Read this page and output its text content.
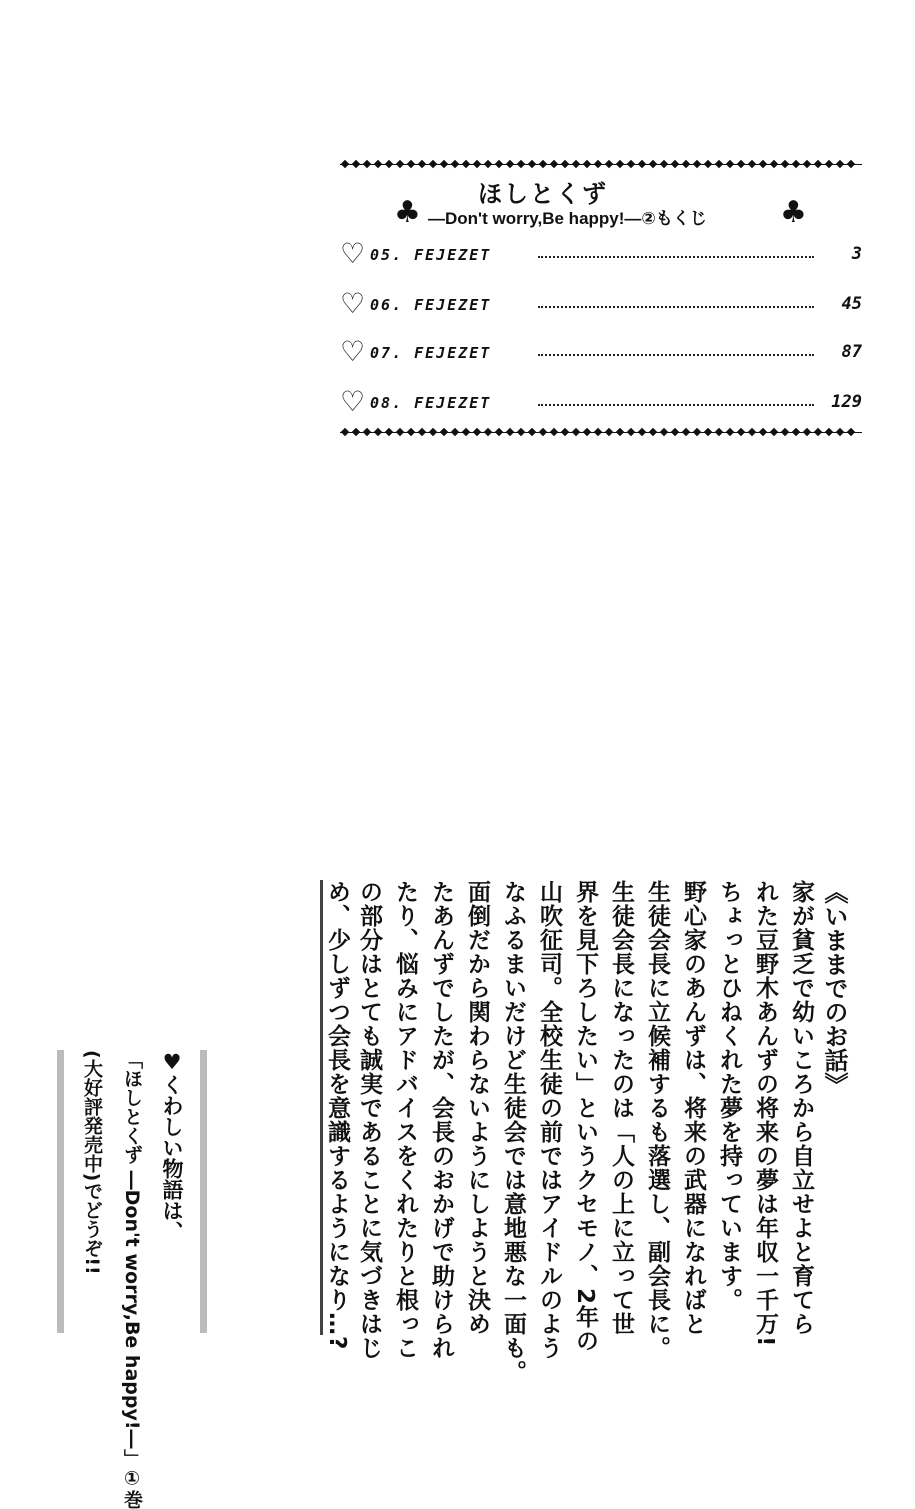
♣
ほしとくず
―Don't worry,Be happy!―②もくじ ♣
♡ 05. FEJEZET	3
♡ 06. FEJEZET	45
♡ 07. FEJEZET	87
♡ 08. FEJEZET	129
《いままでのお話》
家が貧乏で幼いころから自立せよと育てら
れた豆野木あんずの将来の夢は年収一千万!
ちょっとひねくれた夢を持っています。
野心家のあんずは、将来の武器になればと
生徒会長に立候補するも落選し、副会長に。
生徒会長になったのは「人の上に立って世
界を見下ろしたい」というクセモノ、2年の
山吹征司。全校生徒の前ではアイドルのよう
なふるまいだけど生徒会では意地悪な一面も。
面倒だから関わらないようにしようと決め
たあんずでしたが、会長のおかげで助けられ
たり、悩みにアドバイスをくれたりと根っこ
の部分はとても誠実であることに気づきはじ
め、少しずつ会長を意識するようになり…?
♥くわしい物語は、
「ほしとくず ―Don't worry,Be happy!―」①巻
(大好評発売中)でどうぞ!!
